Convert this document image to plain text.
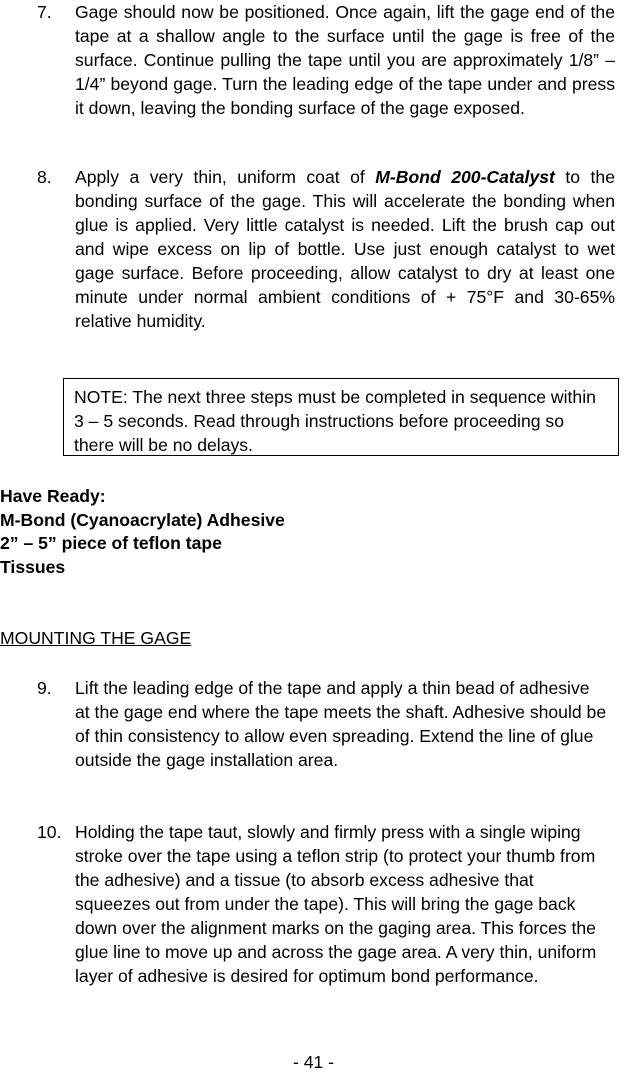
7. Gage should now be positioned. Once again, lift the gage end of the tape at a shallow angle to the surface until the gage is free of the surface. Continue pulling the tape until you are approximately 1/8” – 1/4” beyond gage. Turn the leading edge of the tape under and press it down, leaving the bonding surface of the gage exposed.
8. Apply a very thin, uniform coat of M-Bond 200-Catalyst to the bonding surface of the gage. This will accelerate the bonding when glue is applied. Very little catalyst is needed. Lift the brush cap out and wipe excess on lip of bottle. Use just enough catalyst to wet gage surface. Before proceeding, allow catalyst to dry at least one minute under normal ambient conditions of + 75°F and 30-65% relative humidity.
NOTE: The next three steps must be completed in sequence within 3 – 5 seconds. Read through instructions before proceeding so there will be no delays.
Have Ready:
M-Bond (Cyanoacrylate) Adhesive
2” – 5” piece of teflon tape
Tissues
MOUNTING THE GAGE
9. Lift the leading edge of the tape and apply a thin bead of adhesive at the gage end where the tape meets the shaft. Adhesive should be of thin consistency to allow even spreading. Extend the line of glue outside the gage installation area.
10. Holding the tape taut, slowly and firmly press with a single wiping stroke over the tape using a teflon strip (to protect your thumb from the adhesive) and a tissue (to absorb excess adhesive that squeezes out from under the tape). This will bring the gage back down over the alignment marks on the gaging area. This forces the glue line to move up and across the gage area. A very thin, uniform layer of adhesive is desired for optimum bond performance.
- 41 -
